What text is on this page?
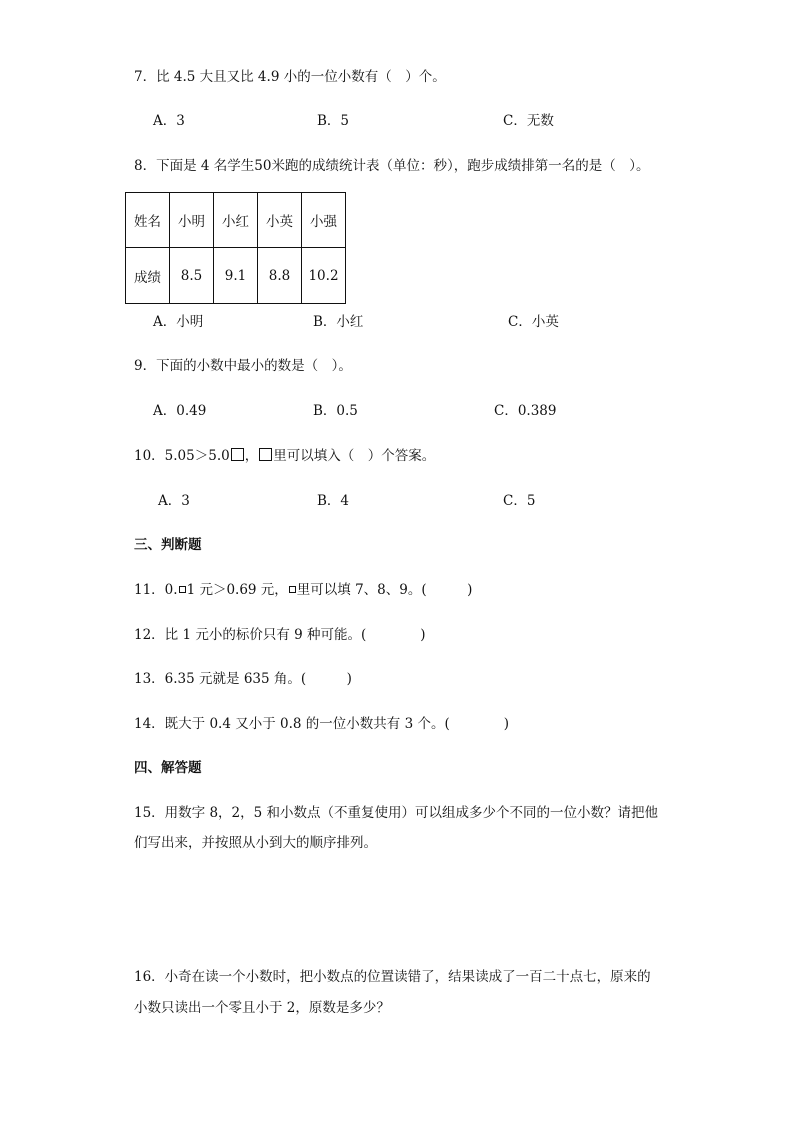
7．比 4.5 大且又比 4.9 小的一位小数有（　）个。
A．3	B．5	C．无数
8．下面是 4 名学生50米跑的成绩统计表（单位：秒），跑步成绩排第一名的是（　）。
姓名	小明	小红	小英	小强
成绩	8.5	9.1	8.8	10.2
A．小明	B．小红	C．小英
9．下面的小数中最小的数是（　）。
A．0.49	B．0.5	C．0.389
10．5.05＞5.0 ， 里可以填入（　）个答案。
A．3	B．4	C．5
三、判断题
11．0. 1 元＞0.69 元， 里可以填 7、8、9。(　　　)
12．比 1 元小的标价只有 9 种可能。(　　　　)
13．6.35 元就是 635 角。(　　　)
14．既大于 0.4 又小于 0.8 的一位小数共有 3 个。(　　　　)
四、解答题
15．用数字 8，2，5 和小数点（不重复使用）可以组成多少个不同的一位小数？请把他
们写出来，并按照从小到大的顺序排列。
16．小奇在读一个小数时，把小数点的位置读错了，结果读成了一百二十点七，原来的
小数只读出一个零且小于 2，原数是多少？
